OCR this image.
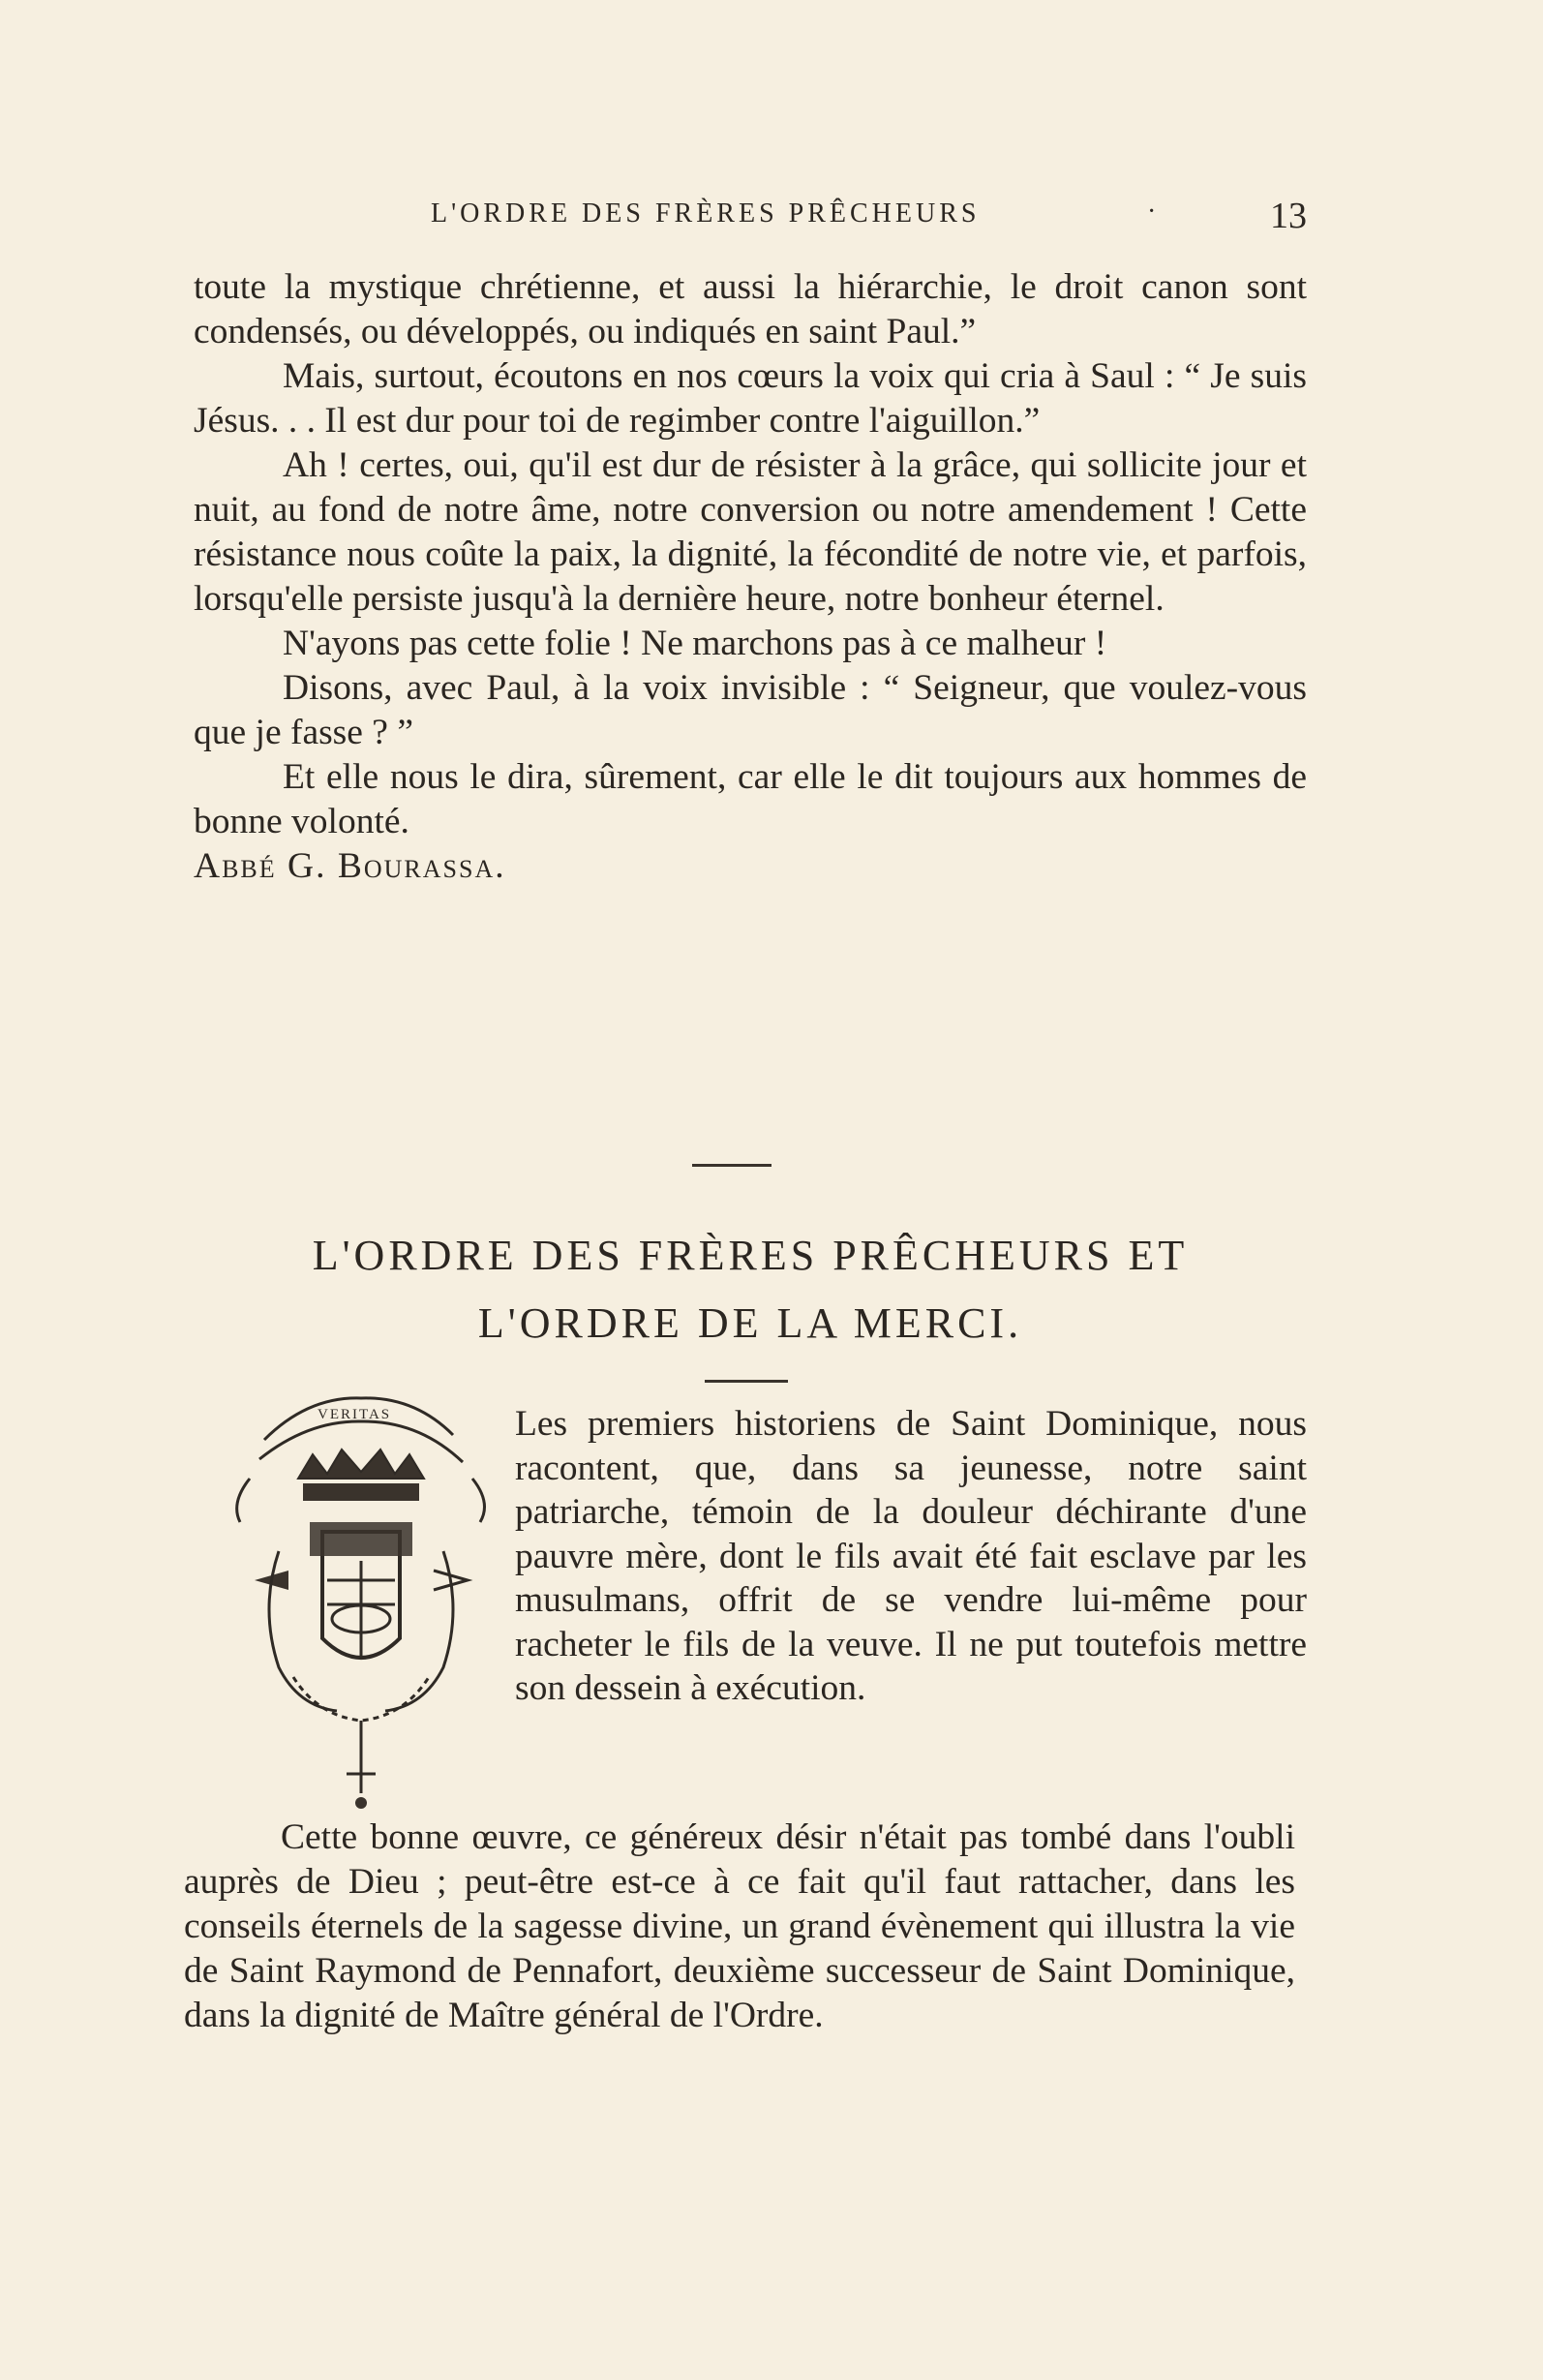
L'ORDRE DES FRÈRES PRÊCHEURS	·	13

toute la mystique chrétienne, et aussi la hiérarchie, le droit canon sont condensés, ou développés, ou indiqués en saint Paul.”

Mais, surtout, écoutons en nos cœurs la voix qui cria à Saul : “ Je suis Jésus. . . Il est dur pour toi de regimber contre l'aiguillon.”

Ah ! certes, oui, qu'il est dur de résister à la grâce, qui sollicite jour et nuit, au fond de notre âme, notre conversion ou notre amendement ! Cette résistance nous coûte la paix, la dignité, la fécondité de notre vie, et parfois, lorsqu'elle persiste jusqu'à la dernière heure, notre bonheur éternel.

N'ayons pas cette folie ! Ne marchons pas à ce malheur !

Disons, avec Paul, à la voix invisible : “ Seigneur, que voulez-vous que je fasse ? ”

Et elle nous le dira, sûrement, car elle le dit toujours aux hommes de bonne volonté.

Abbé G. Bourassa.

L'ORDRE DES FRÈRES PRÊCHEURS ET
L'ORDRE DE LA MERCI.
VERITAS	Les premiers historiens de Saint Dominique, nous racontent, que, dans sa jeunesse, notre saint patriarche, témoin de la douleur déchirante d'une pauvre mère, dont le fils avait été fait esclave par les musulmans, offrit de se vendre lui-même pour racheter le fils de la veuve. Il ne put toutefois mettre son dessein à exécution.

Cette bonne œuvre, ce généreux désir n'était pas tombé dans l'oubli auprès de Dieu ; peut-être est-ce à ce fait qu'il faut rattacher, dans les conseils éternels de la sagesse divine, un grand évènement qui illustra la vie de Saint Raymond de Pennafort, deuxième successeur de Saint Dominique, dans la dignité de Maître général de l'Ordre.
